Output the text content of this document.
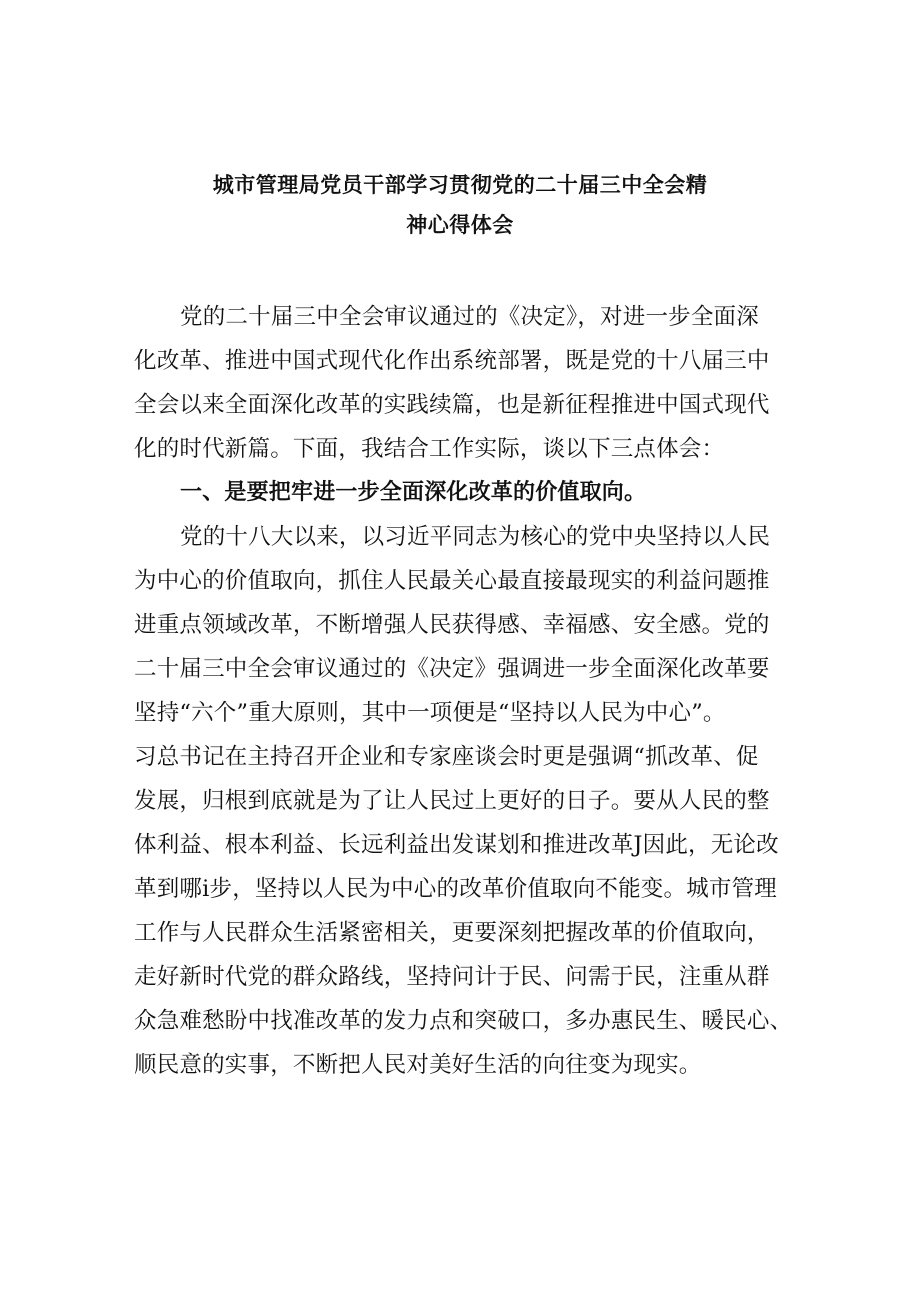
城市管理局党员干部学习贯彻党的二十届三中全会精
神心得体会
党的二十届三中全会审议通过的《决定》，对进一步全面深
化改革、推进中国式现代化作出系统部署，既是党的十八届三中
全会以来全面深化改革的实践续篇，也是新征程推进中国式现代
化的时代新篇。下面，我结合工作实际，谈以下三点体会：
一、是要把牢进一步全面深化改革的价值取向。
党的十八大以来，以习近平同志为核心的党中央坚持以人民
为中心的价值取向，抓住人民最关心最直接最现实的利益问题推
进重点领域改革，不断增强人民获得感、幸福感、安全感。党的
二十届三中全会审议通过的《决定》强调进一步全面深化改革要
坚持“六个”重大原则，其中一项便是“坚持以人民为中心”。
习总书记在主持召开企业和专家座谈会时更是强调“抓改革、促
发展，归根到底就是为了让人民过上更好的日子。要从人民的整
体利益、根本利益、长远利益出发谋划和推进改革J因此，无论改
革到哪i步，坚持以人民为中心的改革价值取向不能变。城市管理
工作与人民群众生活紧密相关，更要深刻把握改革的价值取向，
走好新时代党的群众路线，坚持问计于民、问需于民，注重从群
众急难愁盼中找准改革的发力点和突破口，多办惠民生、暖民心、
顺民意的实事，不断把人民对美好生活的向往变为现实。
